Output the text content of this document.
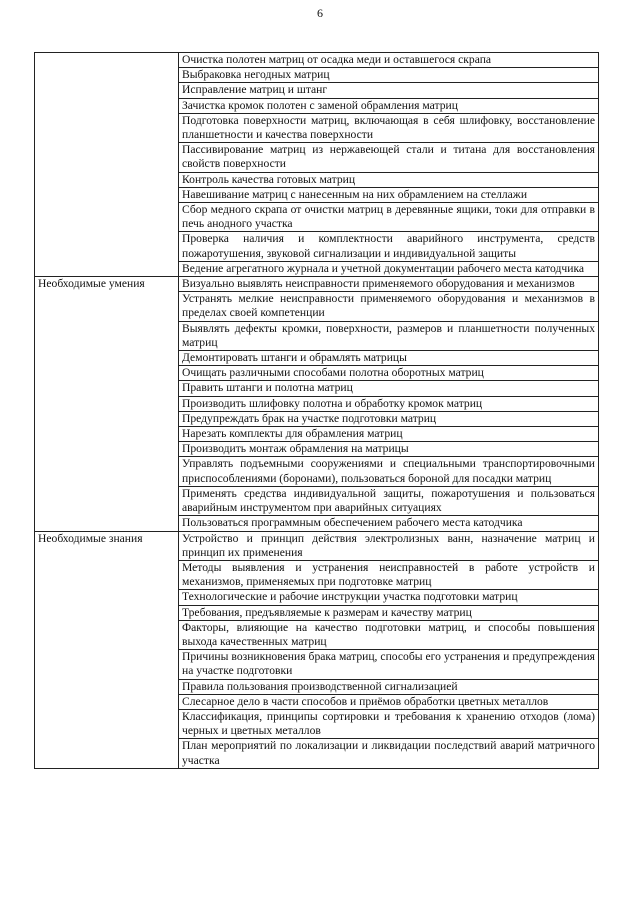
6
	Очистка полотен матриц от осадка меди и оставшегося скрапа
	Выбраковка негодных матриц
	Исправление матриц и штанг
	Зачистка кромок полотен с заменой обрамления матриц
	Подготовка поверхности матриц, включающая в себя шлифовку, восстановление планшетности и качества поверхности
	Пассивирование матриц из нержавеющей стали и титана для восстановления свойств поверхности
	Контроль качества готовых матриц
	Навешивание матриц с нанесенным на них обрамлением на стеллажи
	Сбор медного скрапа от очистки матриц в деревянные ящики, токи для отправки в печь анодного участка
	Проверка наличия и комплектности аварийного инструмента, средств пожаротушения, звуковой сигнализации и индивидуальной защиты
	Ведение агрегатного журнала и учетной документации рабочего места катодчика
Необходимые умения	Визуально выявлять неисправности применяемого оборудования и механизмов
	Устранять мелкие неисправности применяемого оборудования и механизмов в пределах своей компетенции
	Выявлять дефекты кромки, поверхности, размеров и планшетности полученных матриц
	Демонтировать штанги и обрамлять матрицы
	Очищать различными способами полотна оборотных матриц
	Править штанги и полотна матриц
	Производить шлифовку полотна и обработку кромок матриц
	Предупреждать брак на участке подготовки матриц
	Нарезать комплекты для обрамления матриц
	Производить монтаж обрамления на матрицы
	Управлять подъемными сооружениями и специальными транспортировочными приспособлениями (боронами), пользоваться бороной для посадки матриц
	Применять средства индивидуальной защиты, пожаротушения и пользоваться аварийным инструментом при аварийных ситуациях
	Пользоваться программным обеспечением рабочего места катодчика
Необходимые знания	Устройство и принцип действия электролизных ванн, назначение матриц и принцип их применения
	Методы выявления и устранения неисправностей в работе устройств и механизмов, применяемых при подготовке матриц
	Технологические и рабочие инструкции участка подготовки матриц
	Требования, предъявляемые к размерам и качеству матриц
	Факторы, влияющие на качество подготовки матриц, и способы повышения выхода качественных матриц
	Причины возникновения брака матриц, способы его устранения и предупреждения на участке подготовки
	Правила пользования производственной сигнализацией
	Слесарное дело в части способов и приёмов обработки цветных металлов
	Классификация, принципы сортировки и требования к хранению отходов (лома) черных и цветных металлов
	План мероприятий по локализации и ликвидации последствий аварий матричного участка
